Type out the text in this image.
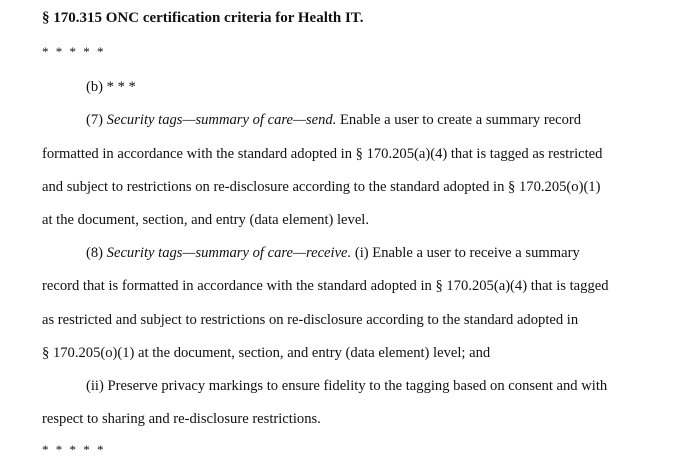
§ 170.315 ONC certification criteria for Health IT.
* * * * *
(b) * * *
(7) Security tags—summary of care—send. Enable a user to create a summary record
formatted in accordance with the standard adopted in § 170.205(a)(4) that is tagged as restricted
and subject to restrictions on re-disclosure according to the standard adopted in § 170.205(o)(1)
at the document, section, and entry (data element) level.
(8) Security tags—summary of care—receive. (i) Enable a user to receive a summary
record that is formatted in accordance with the standard adopted in § 170.205(a)(4) that is tagged
as restricted and subject to restrictions on re-disclosure according to the standard adopted in
§ 170.205(o)(1) at the document, section, and entry (data element) level; and
(ii) Preserve privacy markings to ensure fidelity to the tagging based on consent and with
respect to sharing and re-disclosure restrictions.
* * * * *
